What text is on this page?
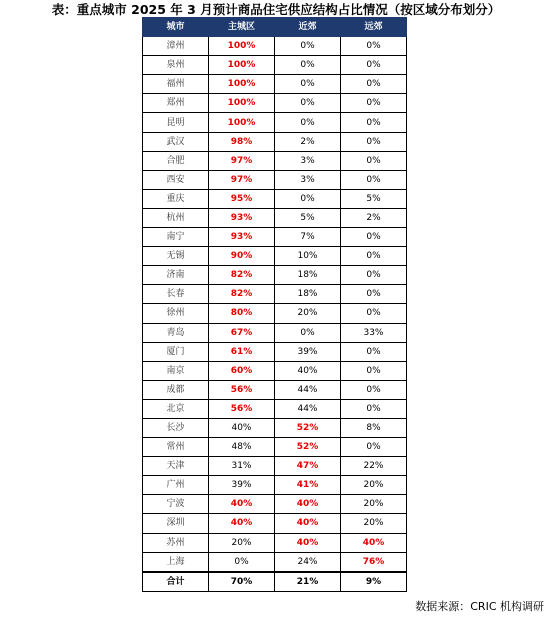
表：重点城市 2025 年 3 月预计商品住宅供应结构占比情况（按区域分布划分）
城市	主城区	近郊	远郊
漳州	100%	0%	0%
泉州	100%	0%	0%
福州	100%	0%	0%
郑州	100%	0%	0%
昆明	100%	0%	0%
武汉	98%	2%	0%
合肥	97%	3%	0%
西安	97%	3%	0%
重庆	95%	0%	5%
杭州	93%	5%	2%
南宁	93%	7%	0%
无锡	90%	10%	0%
济南	82%	18%	0%
长春	82%	18%	0%
徐州	80%	20%	0%
青岛	67%	0%	33%
厦门	61%	39%	0%
南京	60%	40%	0%
成都	56%	44%	0%
北京	56%	44%	0%
长沙	40%	52%	8%
常州	48%	52%	0%
天津	31%	47%	22%
广州	39%	41%	20%
宁波	40%	40%	20%
深圳	40%	40%	20%
苏州	20%	40%	40%
上海	0%	24%	76%
合计	70%	21%	9%
数据来源：CRIC 机构调研
